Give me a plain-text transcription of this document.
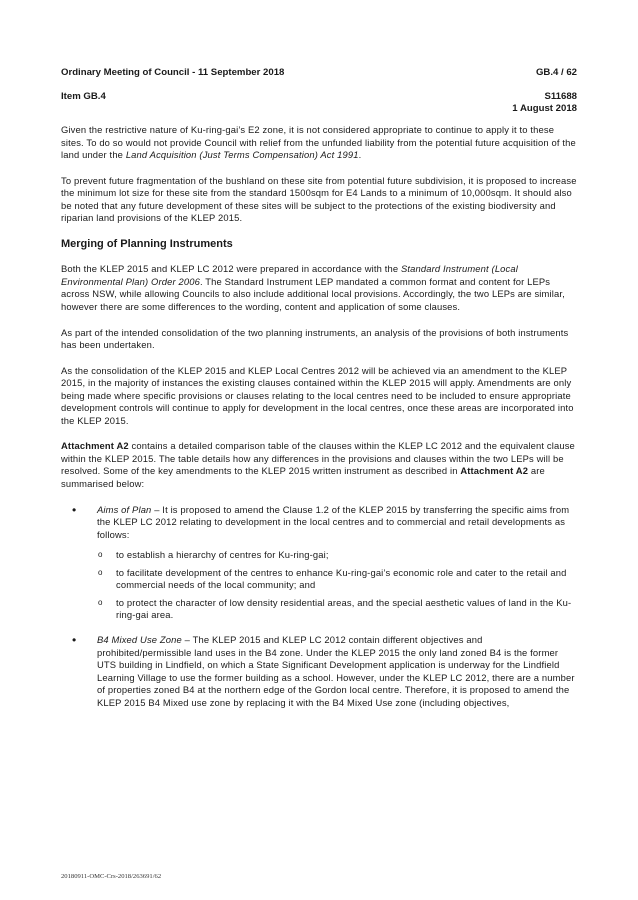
Ordinary Meeting of Council - 11 September 2018	GB.4 / 62
Item GB.4	S11688
1 August 2018

Given the restrictive nature of Ku-ring-gai’s E2 zone, it is not considered appropriate to continue to apply it to these sites. To do so would not provide Council with relief from the unfunded liability from the potential future acquisition of the land under the Land Acquisition (Just Terms Compensation) Act 1991.

To prevent future fragmentation of the bushland on these site from potential future subdivision, it is proposed to increase the minimum lot size for these site from the standard 1500sqm for E4 Lands to a minimum of 10,000sqm. It should also be noted that any future development of these sites will be subject to the protections of the existing biodiversity and riparian land provisions of the KLEP 2015.

Merging of Planning Instruments

Both the KLEP 2015 and KLEP LC 2012 were prepared in accordance with the Standard Instrument (Local Environmental Plan) Order 2006. The Standard Instrument LEP mandated a common format and content for LEPs across NSW, while allowing Councils to also include additional local provisions. Accordingly, the two LEPs are similar, however there are some differences to the wording, content and application of some clauses.

As part of the intended consolidation of the two planning instruments, an analysis of the provisions of both instruments has been undertaken.

As the consolidation of the KLEP 2015 and KLEP Local Centres 2012 will be achieved via an amendment to the KLEP 2015, in the majority of instances the existing clauses contained within the KLEP 2015 will apply. Amendments are only being made where specific provisions or clauses relating to the local centres need to be included to ensure appropriate development controls will continue to apply for development in the local centres, once these areas are incorporated into the KLEP 2015.

Attachment A2 contains a detailed comparison table of the clauses within the KLEP LC 2012 and the equivalent clause within the KLEP 2015. The table details how any differences in the provisions and clauses within the two LEPs will be resolved. Some of the key amendments to the KLEP 2015 written instrument as described in Attachment A2 are summarised below:

• Aims of Plan – It is proposed to amend the Clause 1.2 of the KLEP 2015 by transferring the specific aims from the KLEP LC 2012 relating to development in the local centres and to commercial and retail developments as follows:
o to establish a hierarchy of centres for Ku-ring-gai;
o to facilitate development of the centres to enhance Ku-ring-gai’s economic role and cater to the retail and commercial needs of the local community; and
o to protect the character of low density residential areas, and the special aesthetic values of land in the Ku-ring-gai area.
• B4 Mixed Use Zone – The KLEP 2015 and KLEP LC 2012 contain different objectives and prohibited/permissible land uses in the B4 zone. Under the KLEP 2015 the only land zoned B4 is the former UTS building in Lindfield, on which a State Significant Development application is underway for the Lindfield Learning Village to use the former building as a school. However, under the KLEP LC 2012, there are a number of properties zoned B4 at the northern edge of the Gordon local centre. Therefore, it is proposed to amend the KLEP 2015 B4 Mixed use zone by replacing it with the B4 Mixed Use zone (including objectives,
20180911-OMC-Crs-2018/263691/62
